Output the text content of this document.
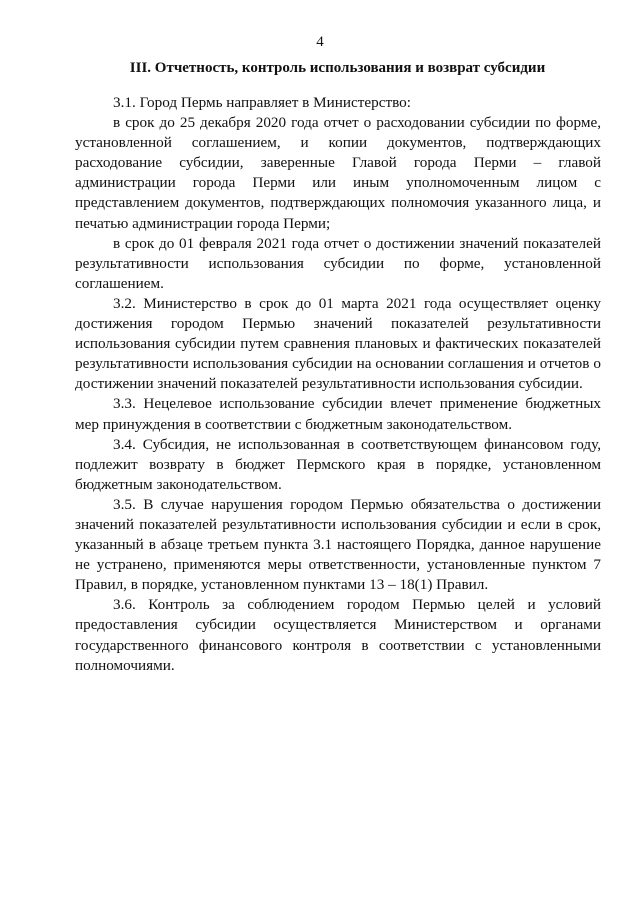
4
III. Отчетность, контроль использования и возврат субсидии

3.1. Город Пермь направляет в Министерство:

в срок до 25 декабря 2020 года отчет о расходовании субсидии по форме, установленной соглашением, и копии документов, подтверждающих расходование субсидии, заверенные Главой города Перми – главой администрации города Перми или иным уполномоченным лицом с представлением документов, подтверждающих полномочия указанного лица, и печатью администрации города Перми;

в срок до 01 февраля 2021 года отчет о достижении значений показателей результативности использования субсидии по форме, установленной соглашением.

3.2. Министерство в срок до 01 марта 2021 года осуществляет оценку достижения городом Пермью значений показателей результативности использования субсидии путем сравнения плановых и фактических показателей результативности использования субсидии на основании соглашения и отчетов о достижении значений показателей результативности использования субсидии.

3.3. Нецелевое использование субсидии влечет применение бюджетных мер принуждения в соответствии с бюджетным законодательством.

3.4. Субсидия, не использованная в соответствующем финансовом году, подлежит возврату в бюджет Пермского края в порядке, установленном бюджетным законодательством.

3.5. В случае нарушения городом Пермью обязательства о достижении значений показателей результативности использования субсидии и если в срок, указанный в абзаце третьем пункта 3.1 настоящего Порядка, данное нарушение не устранено, применяются меры ответственности, установленные пунктом 7 Правил, в порядке, установленном пунктами 13 – 18(1) Правил.

3.6. Контроль за соблюдением городом Пермью целей и условий предоставления субсидии осуществляется Министерством и органами государственного финансового контроля в соответствии с установленными полномочиями.
